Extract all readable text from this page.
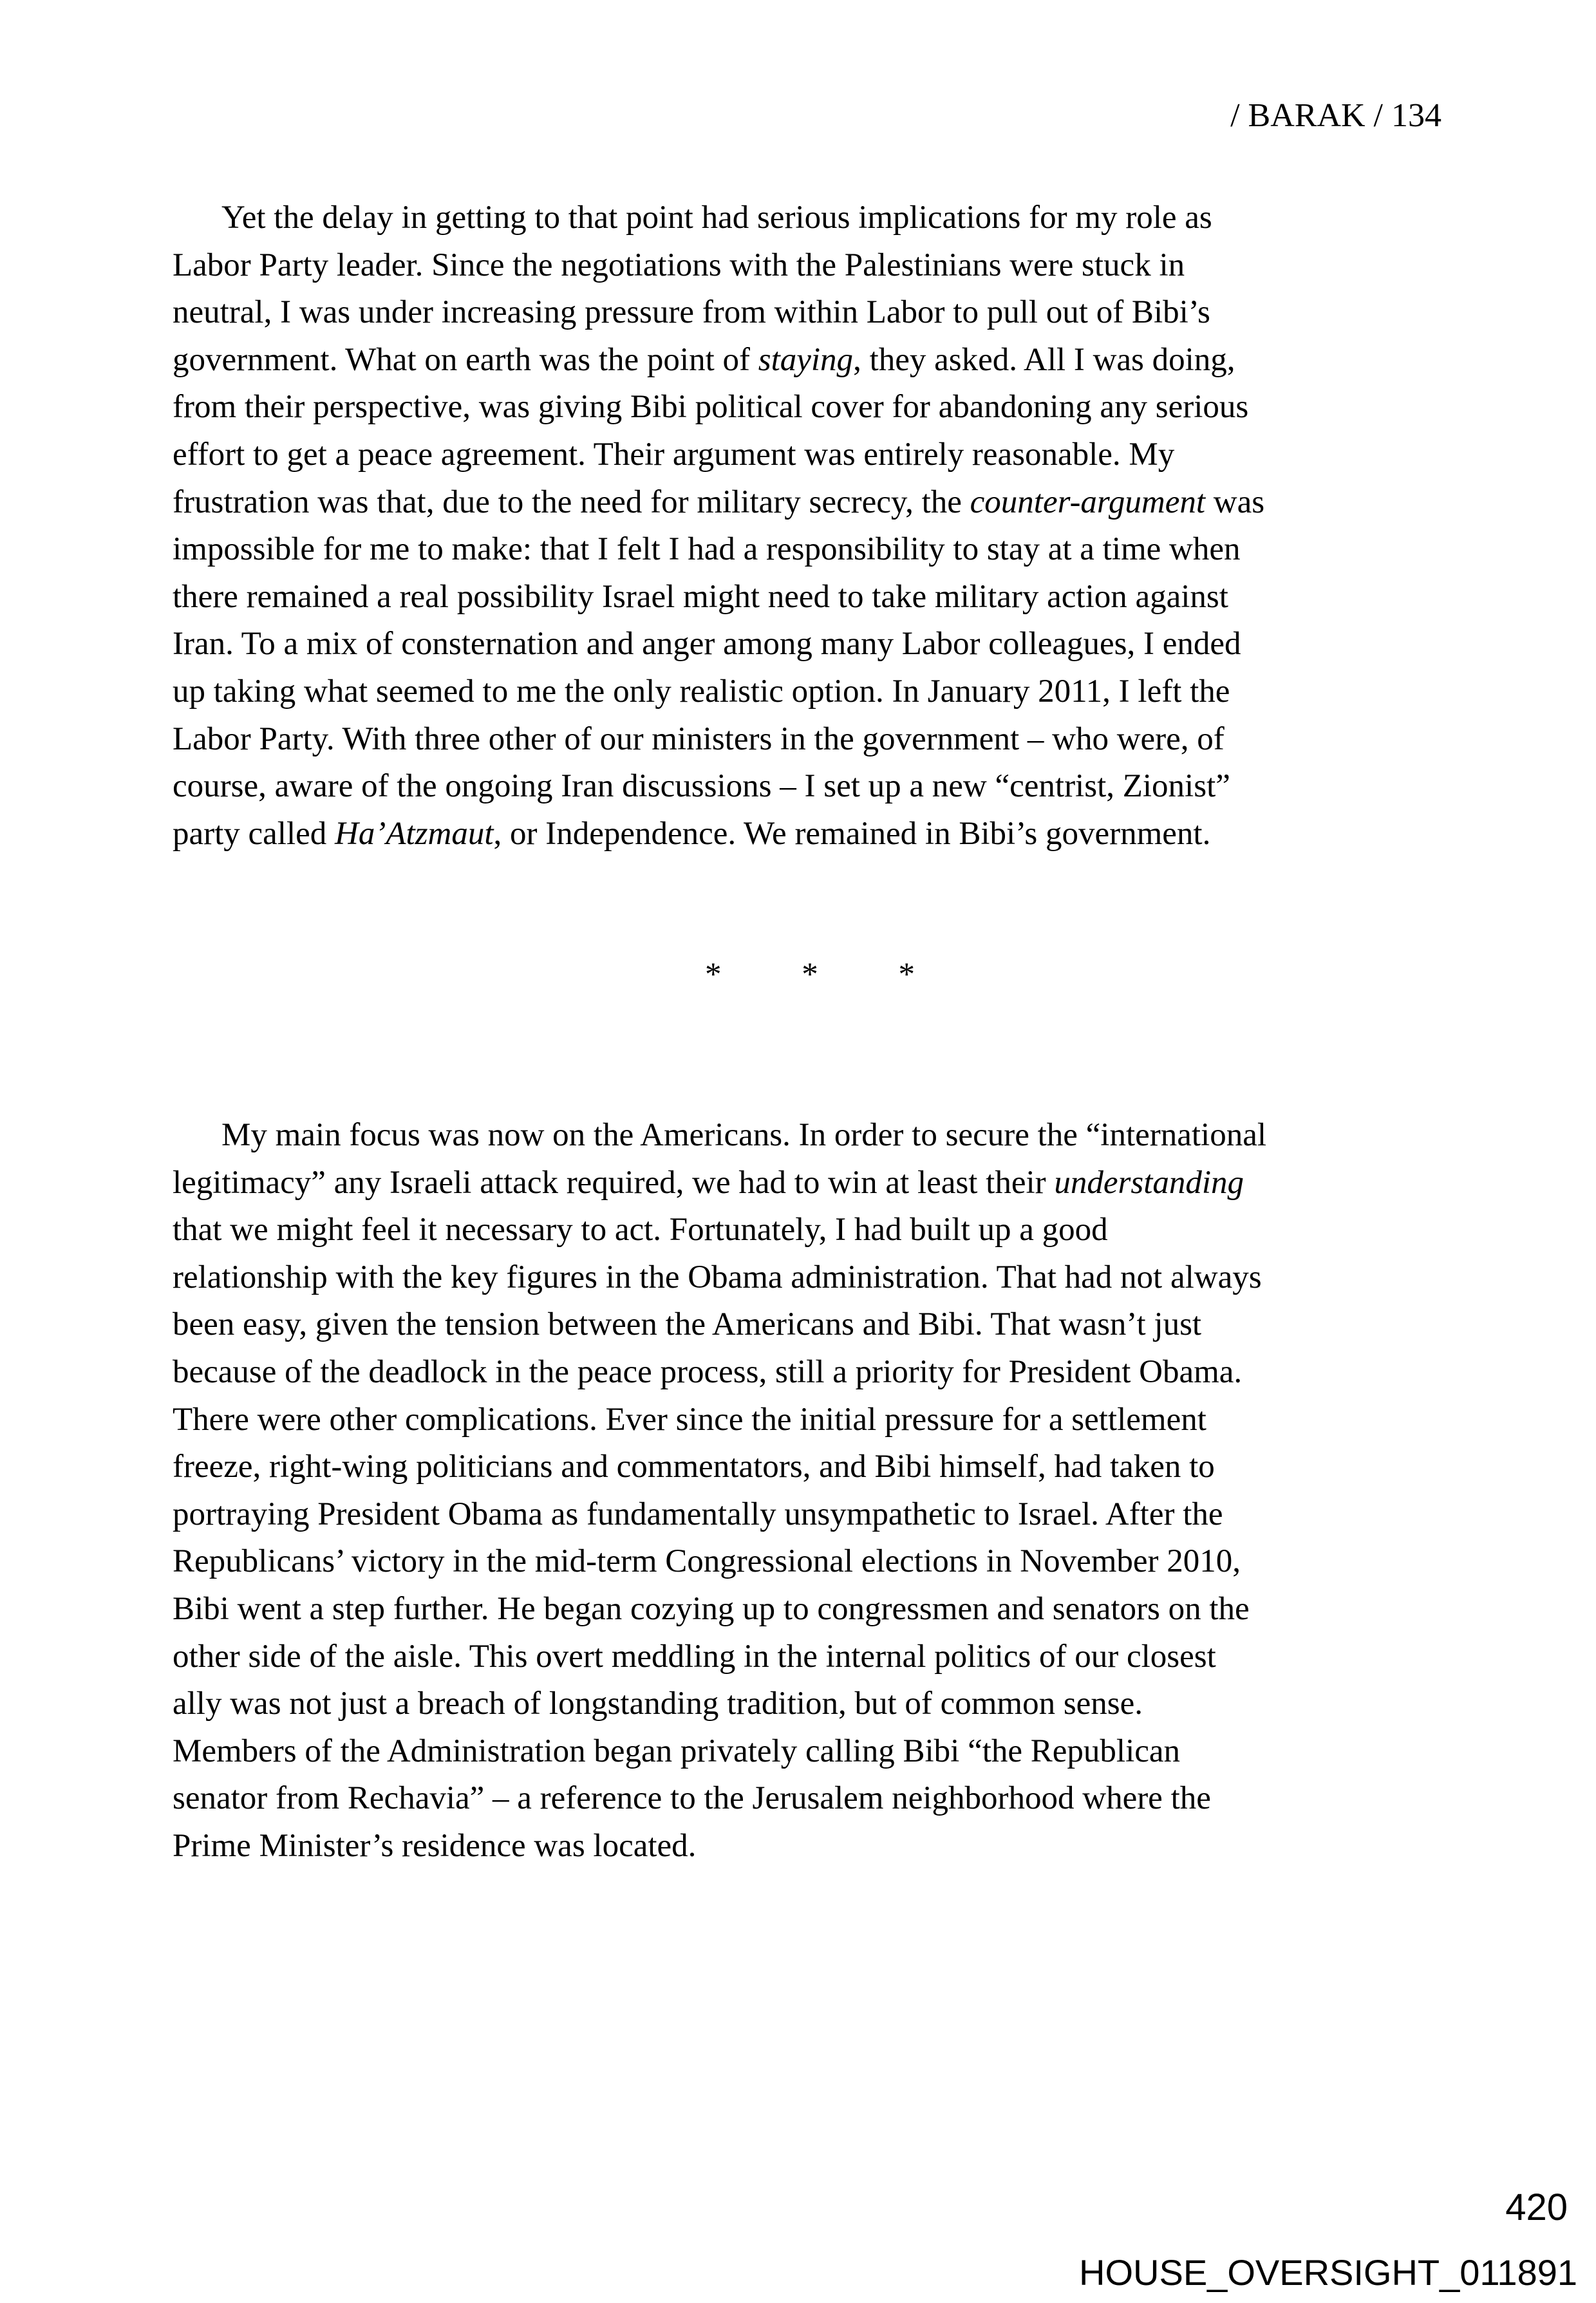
/ BARAK / 134
Yet the delay in getting to that point had serious implications for my role as
Labor Party leader. Since the negotiations with the Palestinians were stuck in
neutral, I was under increasing pressure from within Labor to pull out of Bibi’s
government. What on earth was the point of staying, they asked. All I was doing,
from their perspective, was giving Bibi political cover for abandoning any serious
effort to get a peace agreement. Their argument was entirely reasonable. My
frustration was that, due to the need for military secrecy, the counter-argument was
impossible for me to make: that I felt I had a responsibility to stay at a time when
there remained a real possibility Israel might need to take military action against
Iran. To a mix of consternation and anger among many Labor colleagues, I ended
up taking what seemed to me the only realistic option. In January 2011, I left the
Labor Party. With three other of our ministers in the government – who were, of
course, aware of the ongoing Iran discussions – I set up a new “centrist, Zionist”
party called Ha’Atzmaut, or Independence. We remained in Bibi’s government.
* * *
My main focus was now on the Americans. In order to secure the “international
legitimacy” any Israeli attack required, we had to win at least their understanding
that we might feel it necessary to act. Fortunately, I had built up a good
relationship with the key figures in the Obama administration. That had not always
been easy, given the tension between the Americans and Bibi. That wasn’t just
because of the deadlock in the peace process, still a priority for President Obama.
There were other complications. Ever since the initial pressure for a settlement
freeze, right-wing politicians and commentators, and Bibi himself, had taken to
portraying President Obama as fundamentally unsympathetic to Israel. After the
Republicans’ victory in the mid-term Congressional elections in November 2010,
Bibi went a step further. He began cozying up to congressmen and senators on the
other side of the aisle. This overt meddling in the internal politics of our closest
ally was not just a breach of longstanding tradition, but of common sense.
Members of the Administration began privately calling Bibi “the Republican
senator from Rechavia” – a reference to the Jerusalem neighborhood where the
Prime Minister’s residence was located.
420
HOUSE_OVERSIGHT_011891
